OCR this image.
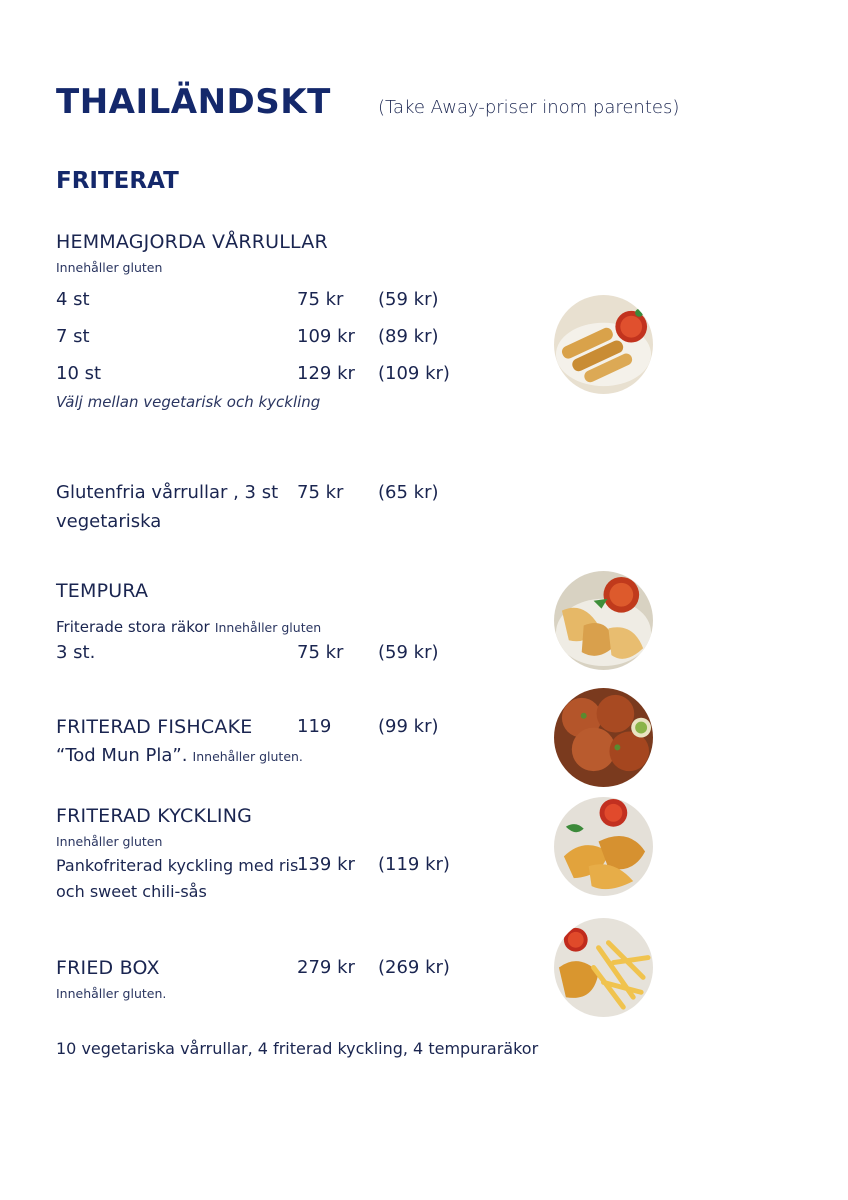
THAILÄNDSKT	(Take Away-priser inom parentes)
FRITERAT
HEMMAGJORDA VÅRRULLAR
Innehåller gluten
4 st	75 kr (59 kr)
7 st	109 kr (89 kr)
10 st	129 kr (109 kr)
Välj mellan vegetarisk och kyckling
Glutenfria vårrullar , 3 st
vegetariska
75 kr (65 kr)
TEMPURA
Friterade stora räkor Innehåller gluten
3 st.	75 kr (59 kr)
FRITERAD FISHCAKE 119	(99 kr)
“Tod Mun Pla”. Innehåller gluten.
FRITERAD KYCKLING
Innehåller gluten
Pankofriterad kyckling med ris
och sweet chili-sås
139 kr (119 kr)
FRIED BOX
Innehåller gluten.
279 kr (269 kr)
10 vegetariska vårrullar, 4 friterad kyckling, 4 tempuraräkor
